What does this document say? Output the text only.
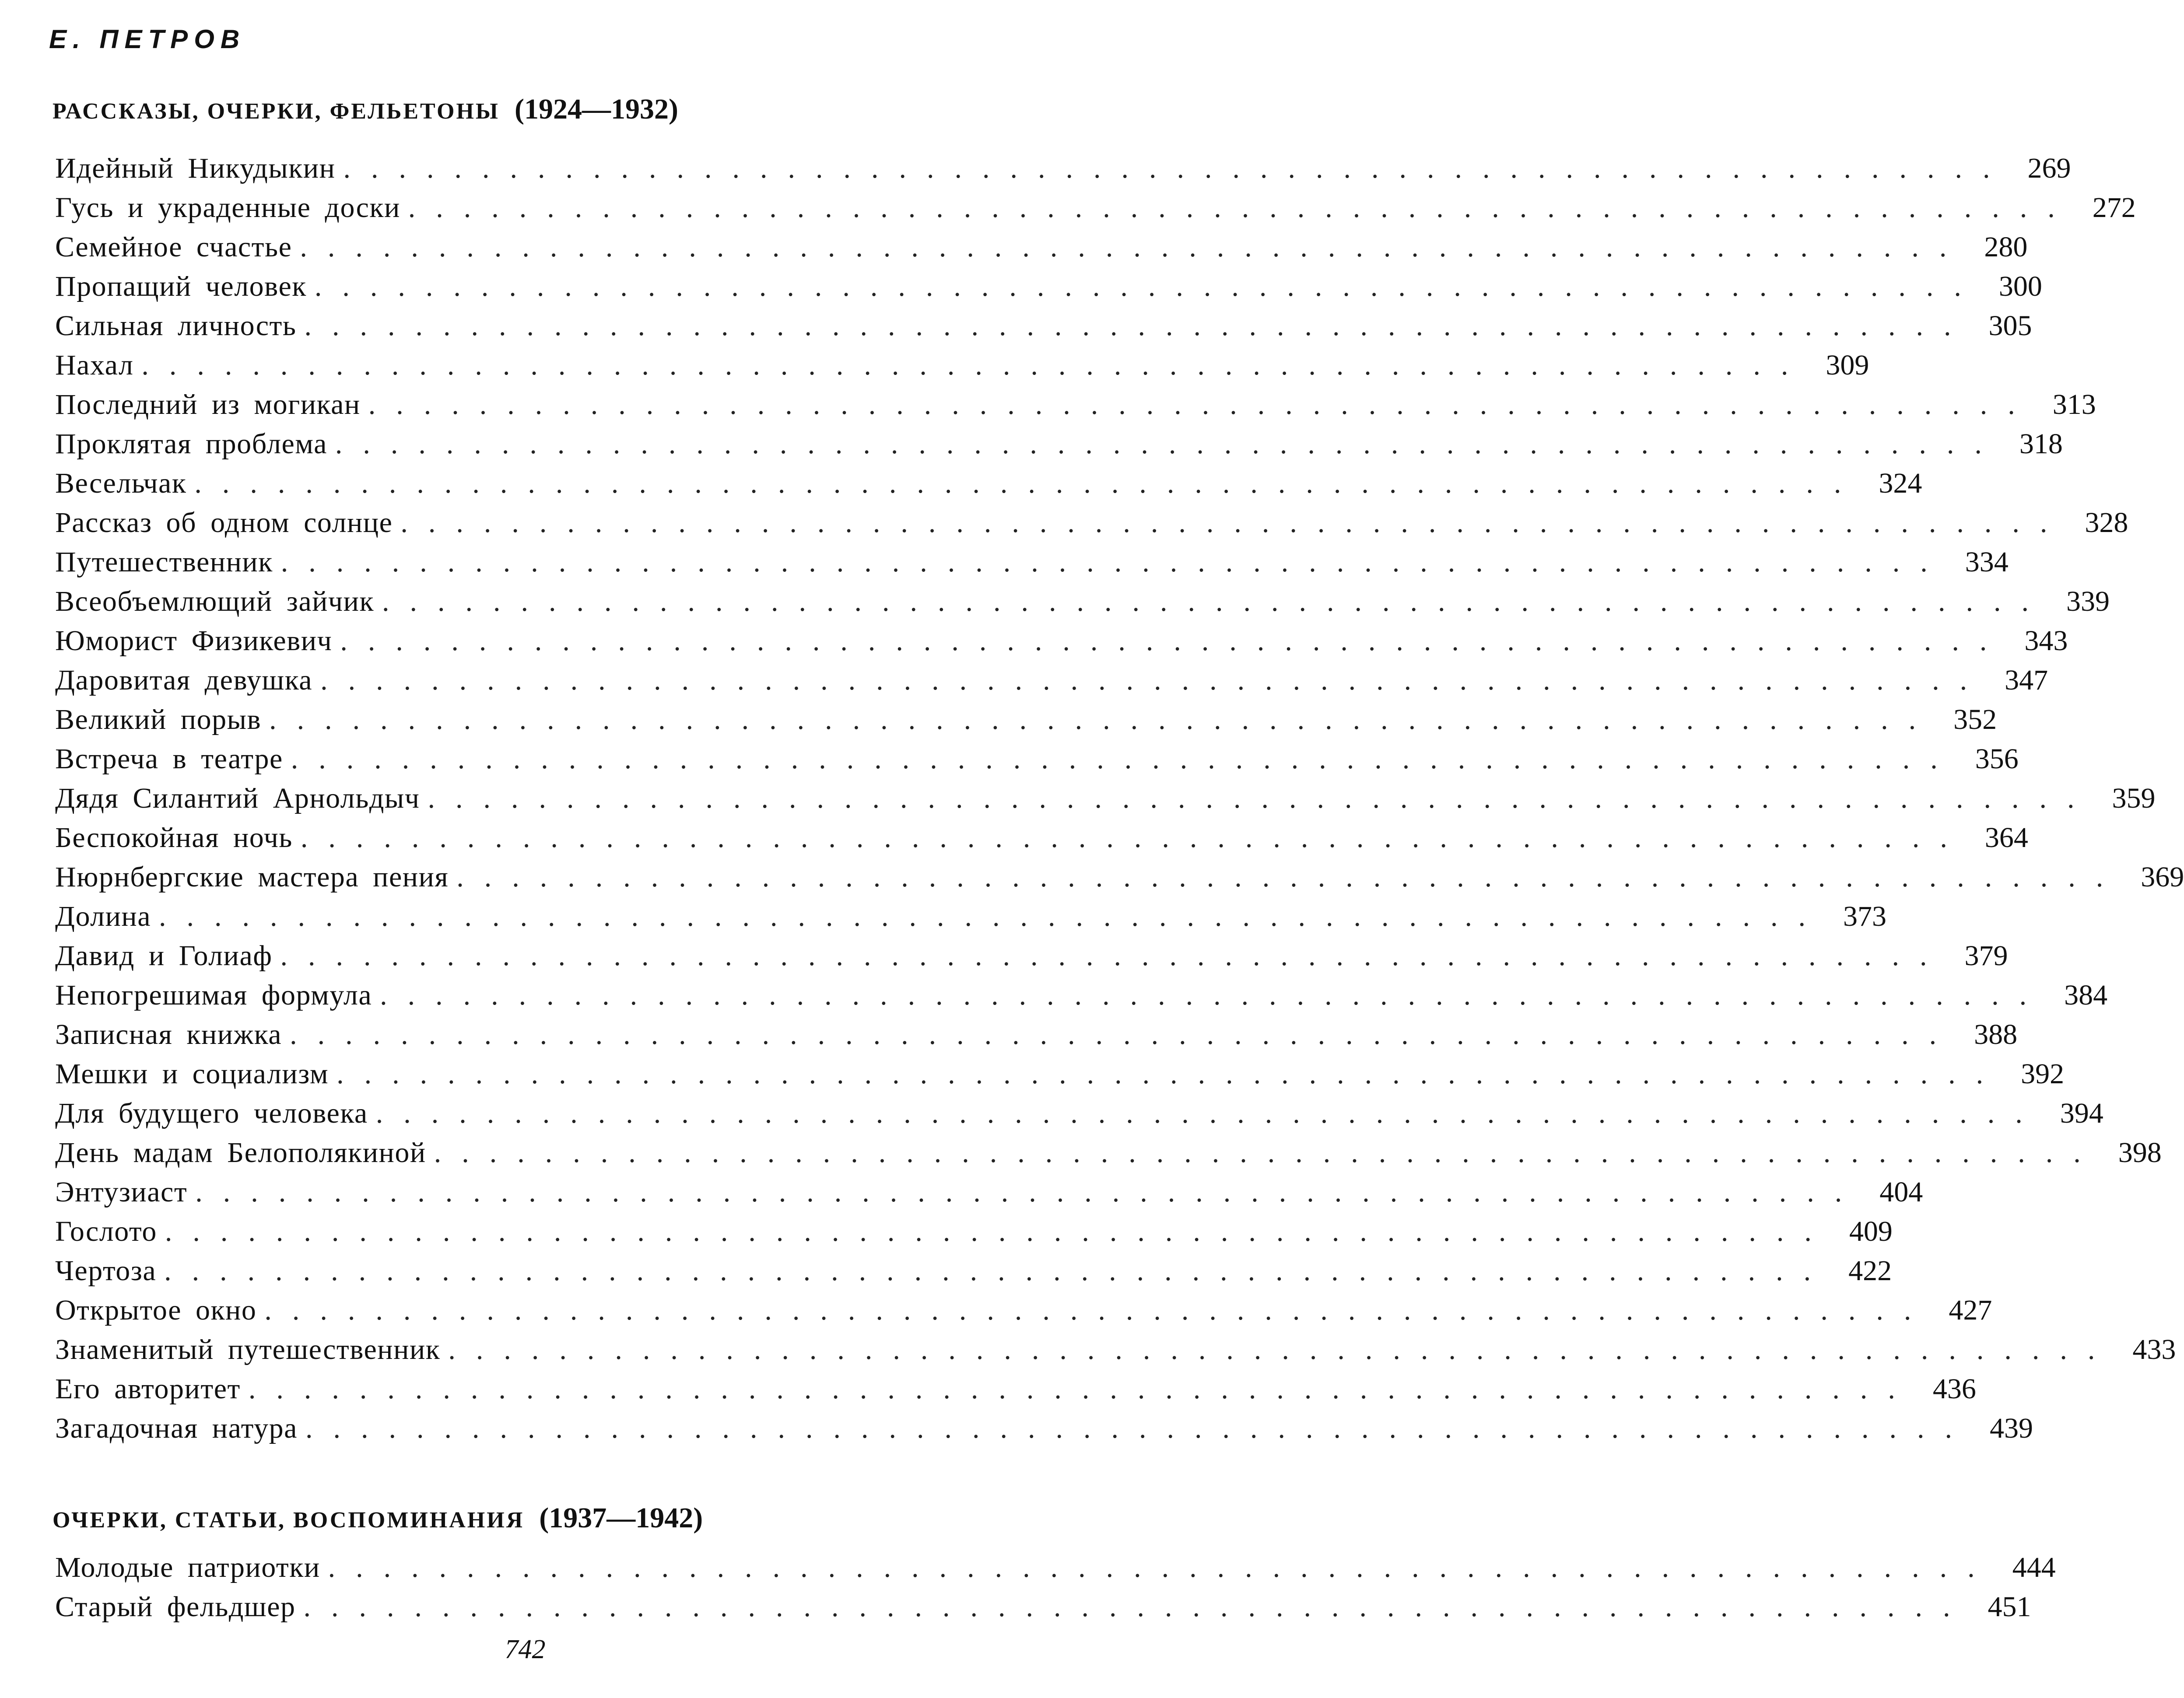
Е. ПЕТРОВ
РАССКАЗЫ, ОЧЕРКИ, ФЕЛЬЕТОНЫ (1924—1932)
Идейный Никудыкин ............................................................ 269
Гусь и украденные доски ............................................................ 272
Семейное счастье ............................................................ 280
Пропащий человек ............................................................ 300
Сильная личность ............................................................ 305
Нахал ............................................................ 309
Последний из могикан ............................................................ 313
Проклятая проблема ............................................................ 318
Весельчак ............................................................ 324
Рассказ об одном солнце ............................................................ 328
Путешественник ............................................................ 334
Всеобъемлющий зайчик ............................................................ 339
Юморист Физикевич ............................................................ 343
Даровитая девушка ............................................................ 347
Великий порыв ............................................................ 352
Встреча в театре ............................................................ 356
Дядя Силантий Арнольдыч ............................................................ 359
Беспокойная ночь ............................................................ 364
Нюрнбергские мастера пения ............................................................ 369
Долина ............................................................ 373
Давид и Голиаф ............................................................ 379
Непогрешимая формула ............................................................ 384
Записная книжка ............................................................ 388
Мешки и социализм ............................................................ 392
Для будущего человека ............................................................ 394
День мадам Белополякиной ............................................................ 398
Энтузиаст ............................................................ 404
Гослото ............................................................ 409
Чертоза ............................................................ 422
Открытое окно ............................................................ 427
Знаменитый путешественник ............................................................ 433
Его авторитет ............................................................ 436
Загадочная натура ............................................................ 439
ОЧЕРКИ, СТАТЬИ, ВОСПОМИНАНИЯ (1937—1942)
Молодые патриотки ............................................................ 444
Старый фельдшер ............................................................ 451

742
